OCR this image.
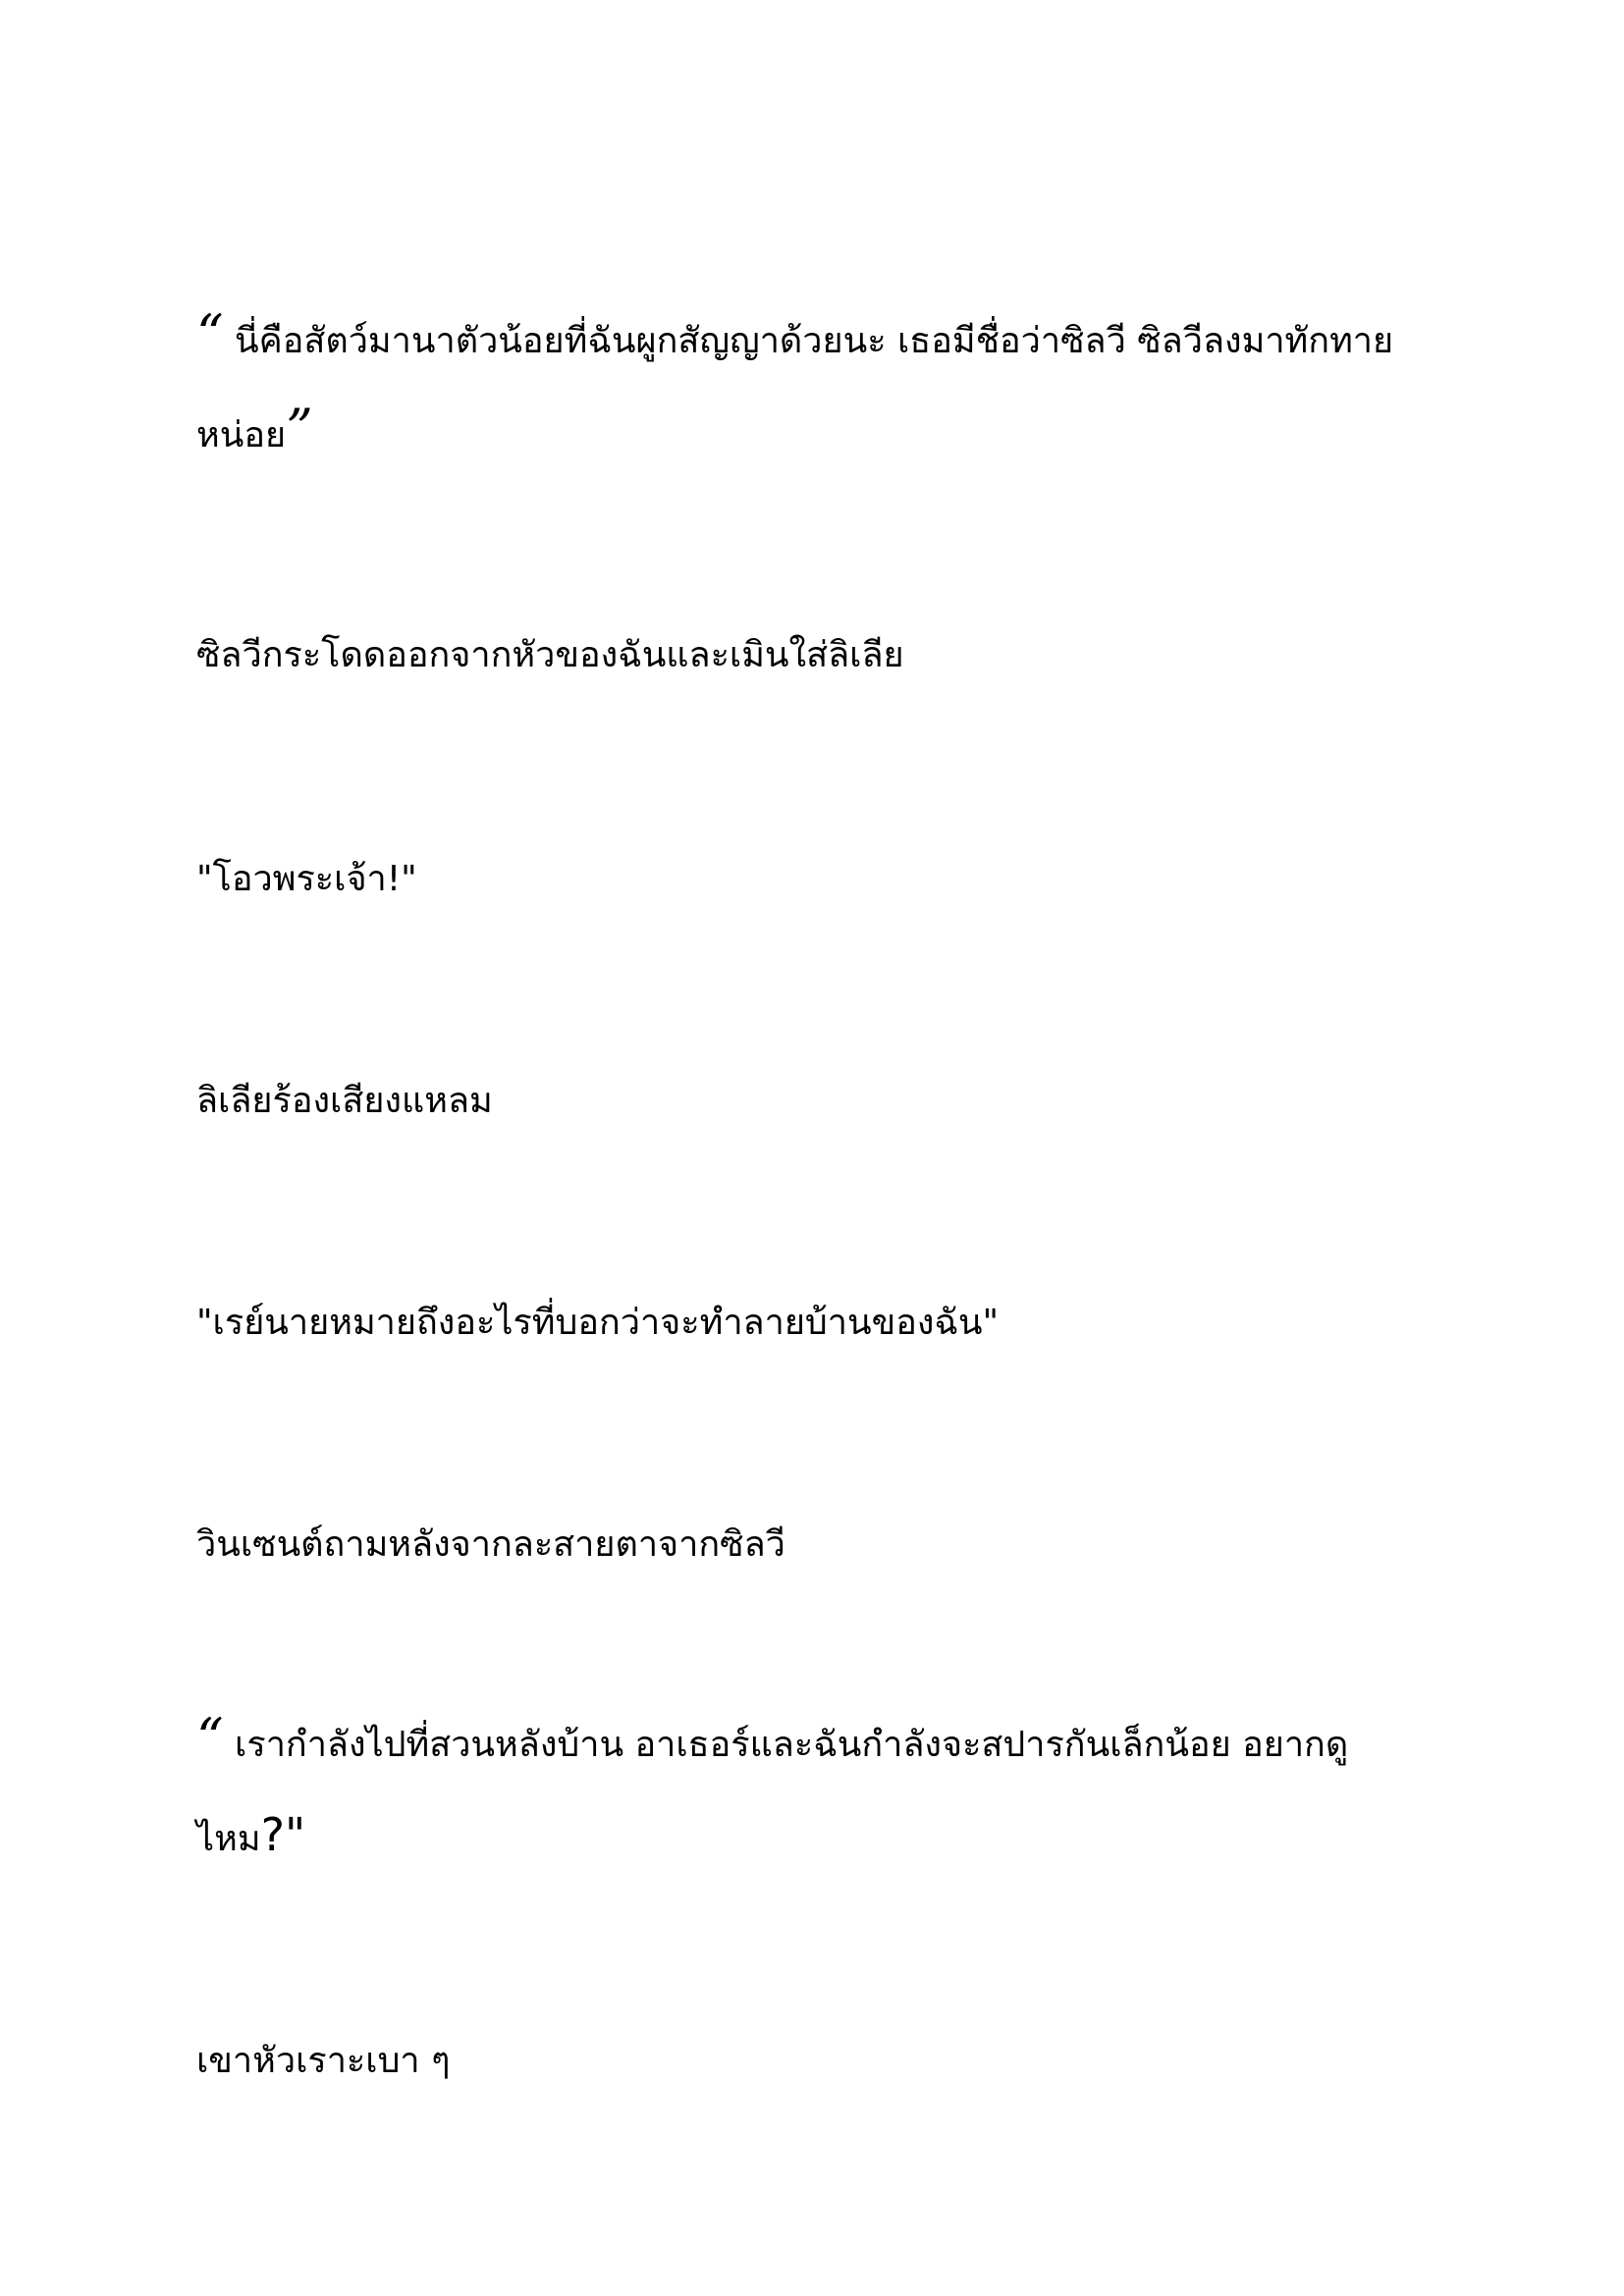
“ นี่คือสัตว์มานาตัวน้อยที่ฉันผูกสัญญาด้วยนะ เธอมีชื่อว่าซิลวี ซิลวีลงมาทักทาย หน่อย”

ซิลวีกระโดดออกจากหัวของฉันและเมินใส่ลิเลีย

"โอวพระเจ้า!"

ลิเลียร้องเสียงแหลม

"เรย์นายหมายถึงอะไรที่บอกว่าจะทำลายบ้านของฉัน"

วินเซนต์ถามหลังจากละสายตาจากซิลวี

“ เรากำลังไปที่สวนหลังบ้าน อาเธอร์และฉันกำลังจะสปารกันเล็กน้อย อยากดู ไหม?"

เขาหัวเราะเบา ๆ
